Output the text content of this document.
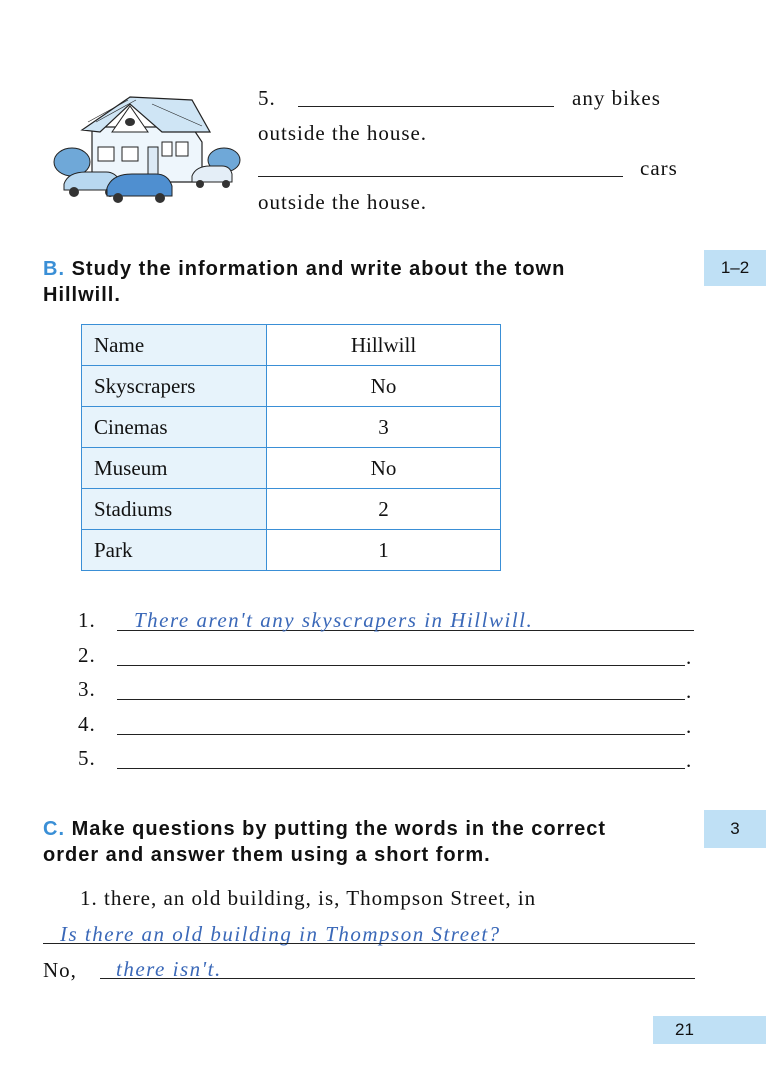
5.	any bikes
outside the house.
cars
outside the house.
B. Study the information and write about the town
Hillwill.
1–2
Name	Hillwill
Skyscrapers	No
Cinemas	3
Museum	No
Stadiums	2
Park	1
1.	There aren't any skyscrapers in Hillwill.
2.	.
3.	.
4.	.
5.	.
C. Make questions by putting the words in the correct
order and answer them using a short form.
3
1. there, an old building, is, Thompson Street, in
Is there an old building in Thompson Street?
No, there isn't.
21
